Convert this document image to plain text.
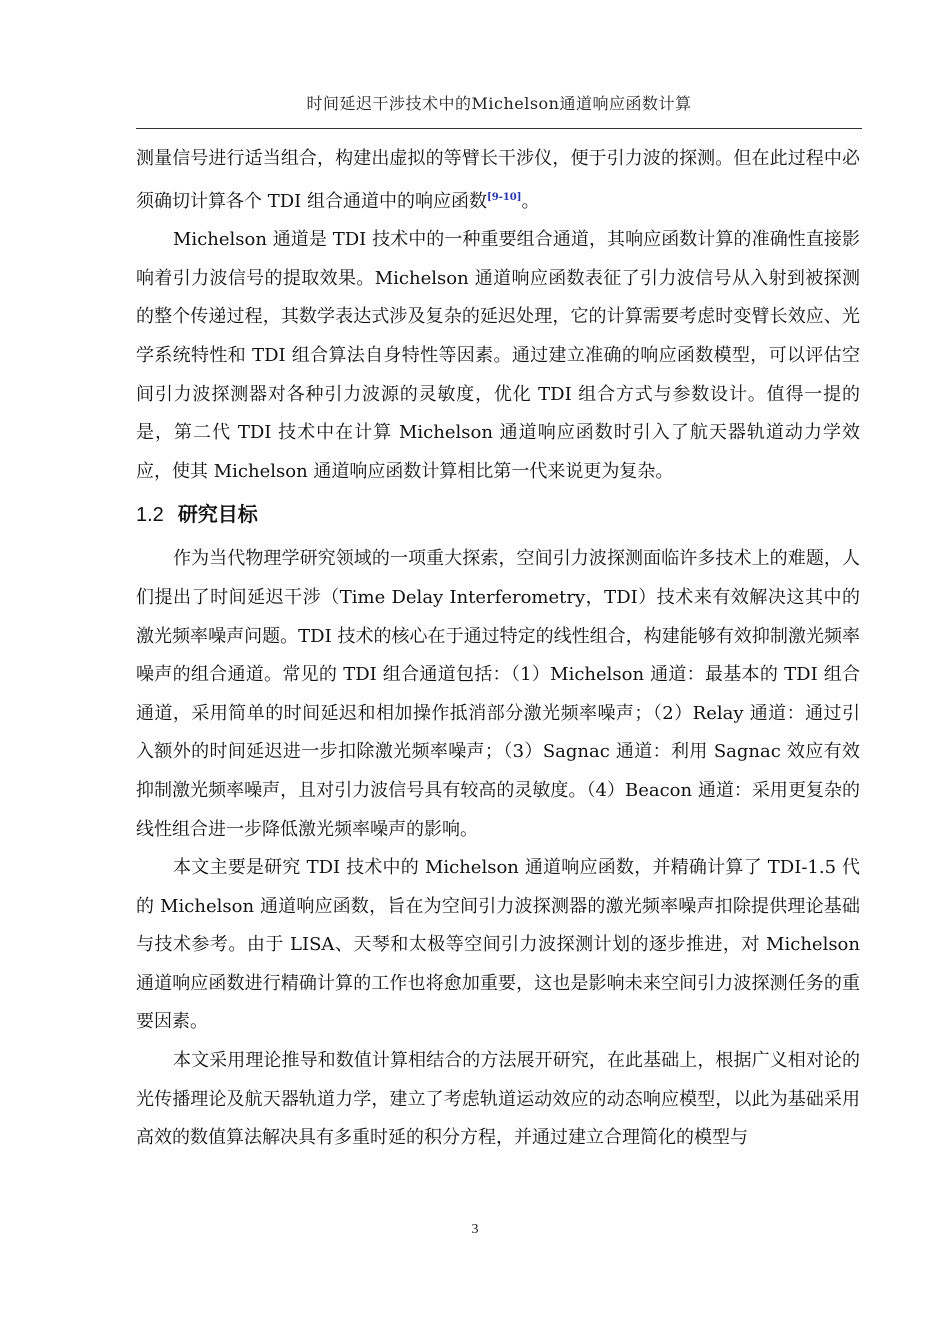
时间延迟干涉技术中的Michelson通道响应函数计算

测量信号进行适当组合，构建出虚拟的等臂长干涉仪，便于引力波的探测。但在此过程中必须确切计算各个 TDI 组合通道中的响应函数[9-10]。

Michelson 通道是 TDI 技术中的一种重要组合通道，其响应函数计算的准确性直接影响着引力波信号的提取效果。Michelson 通道响应函数表征了引力波信号从入射到被探测的整个传递过程，其数学表达式涉及复杂的延迟处理，它的计算需要考虑时变臂长效应、光学系统特性和 TDI 组合算法自身特性等因素。通过建立准确的响应函数模型，可以评估空间引力波探测器对各种引力波源的灵敏度，优化 TDI 组合方式与参数设计。值得一提的是，第二代 TDI 技术中在计算 Michelson 通道响应函数时引入了航天器轨道动力学效应，使其 Michelson 通道响应函数计算相比第一代来说更为复杂。

1.2 研究目标

作为当代物理学研究领域的一项重大探索，空间引力波探测面临许多技术上的难题，人们提出了时间延迟干涉（Time Delay Interferometry，TDI）技术来有效解决这其中的激光频率噪声问题。TDI 技术的核心在于通过特定的线性组合，构建能够有效抑制激光频率噪声的组合通道。常见的 TDI 组合通道包括：（1）Michelson 通道：最基本的 TDI 组合通道，采用简单的时间延迟和相加操作抵消部分激光频率噪声；（2）Relay 通道：通过引入额外的时间延迟进一步扣除激光频率噪声；（3）Sagnac 通道：利用 Sagnac 效应有效抑制激光频率噪声，且对引力波信号具有较高的灵敏度。（4）Beacon 通道：采用更复杂的线性组合进一步降低激光频率噪声的影响。

本文主要是研究 TDI 技术中的 Michelson 通道响应函数，并精确计算了 TDI-1.5 代的 Michelson 通道响应函数，旨在为空间引力波探测器的激光频率噪声扣除提供理论基础与技术参考。由于 LISA、天琴和太极等空间引力波探测计划的逐步推进，对 Michelson 通道响应函数进行精确计算的工作也将愈加重要，这也是影响未来空间引力波探测任务的重要因素。

本文采用理论推导和数值计算相结合的方法展开研究，在此基础上，根据广义相对论的光传播理论及航天器轨道力学，建立了考虑轨道运动效应的动态响应模型，以此为基础采用高效的数值算法解决具有多重时延的积分方程，并通过建立合理简化的模型与

3
